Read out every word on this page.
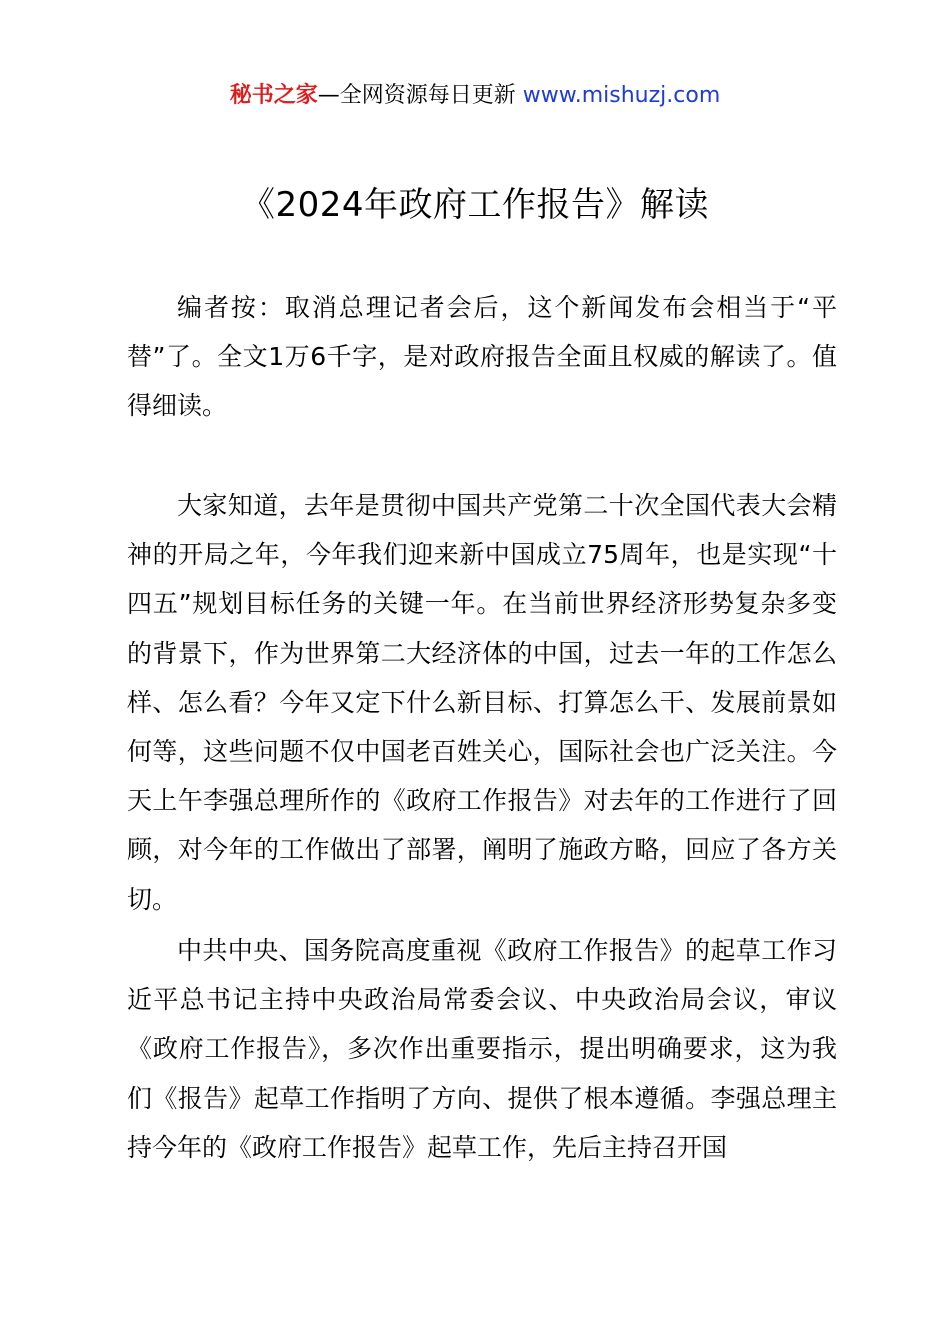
秘书之家—全网资源每日更新 www.mishuzj.com
《2024年政府工作报告》解读

编者按：取消总理记者会后，这个新闻发布会相当于“平替”了。全文1万6千字，是对政府报告全面且权威的解读了。值得细读。

大家知道，去年是贯彻中国共产党第二十次全国代表大会精神的开局之年，今年我们迎来新中国成立75周年，也是实现“十四五”规划目标任务的关键一年。在当前世界经济形势复杂多变的背景下，作为世界第二大经济体的中国，过去一年的工作怎么样、怎么看？今年又定下什么新目标、打算怎么干、发展前景如何等，这些问题不仅中国老百姓关心，国际社会也广泛关注。今天上午李强总理所作的《政府工作报告》对去年的工作进行了回顾，对今年的工作做出了部署，阐明了施政方略，回应了各方关切。

中共中央、国务院高度重视《政府工作报告》的起草工作习近平总书记主持中央政治局常委会议、中央政治局会议，审议《政府工作报告》，多次作出重要指示，提出明确要求，这为我们《报告》起草工作指明了方向、提供了根本遵循。李强总理主持今年的《政府工作报告》起草工作，先后主持召开国
